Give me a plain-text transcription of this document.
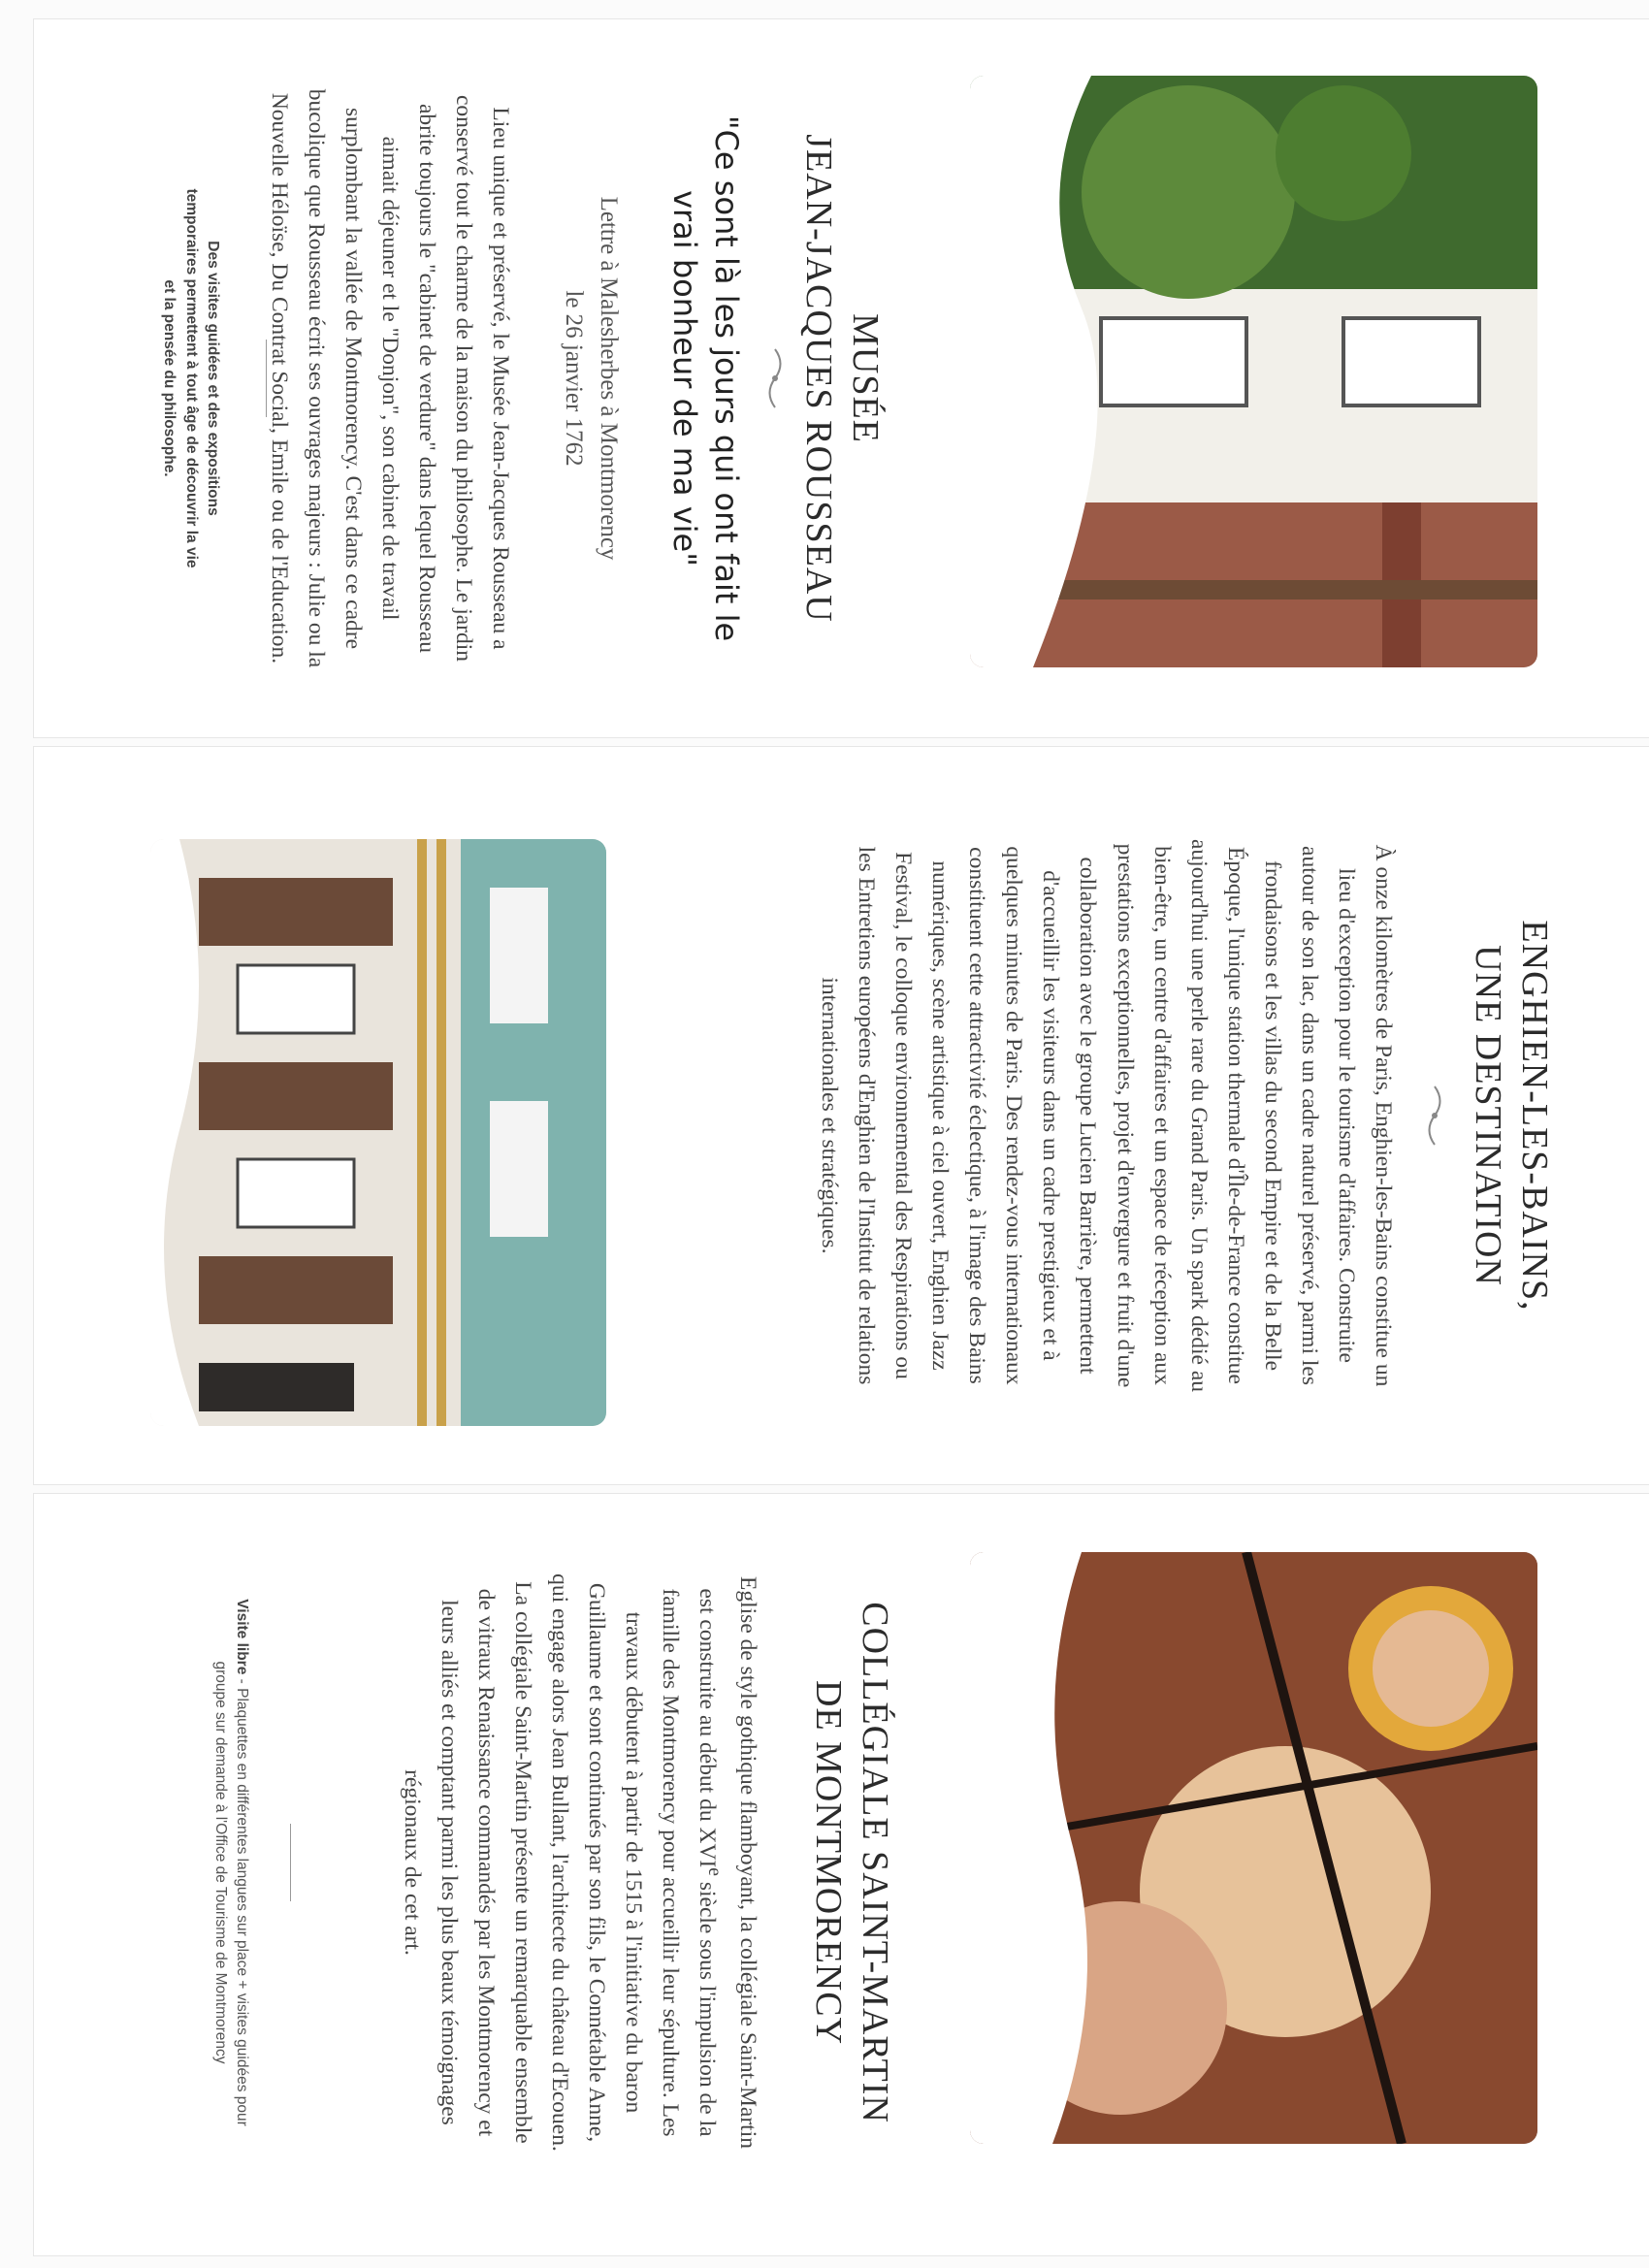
MUSÉE
JEAN-JACQUES ROUSSEAU
"Ce sont là les jours qui ont fait le vrai bonheur de ma vie"
Lettre à Malesherbes à Montmorency
le 26 janvier 1762
Lieu unique et préservé, le Musée Jean-Jacques Rousseau a conservé tout le charme de la maison du philosophe. Le jardin abrite toujours le "cabinet de verdure" dans lequel Rousseau aimait déjeuner et le "Donjon", son cabinet de travail surplombant la vallée de Montmorency. C'est dans ce cadre bucolique que Rousseau écrit ses ouvrages majeurs : Julie ou la Nouvelle Héloïse, Du Contrat Social, Emile ou de l'Education.
Des visites guidées et des expositions
temporaires permettent à tout âge de découvrir la vie
et la pensée du philosophe.
ENGHIEN-LES-BAINS,
UNE DESTINATION
À onze kilomètres de Paris, Enghien-les-Bains constitue un lieu d'exception pour le tourisme d'affaires. Construite autour de son lac, dans un cadre naturel préservé, parmi les frondaisons et les villas du second Empire et de la Belle Époque, l'unique station thermale d'Île-de-France constitue aujourd'hui une perle rare du Grand Paris. Un spark dédié au bien-être, un centre d'affaires et un espace de réception aux prestations exceptionnelles, projet d'envergure et fruit d'une collaboration avec le groupe Lucien Barrière, permettent d'accueillir les visiteurs dans un cadre prestigieux et à quelques minutes de Paris. Des rendez-vous internationaux constituent cette attractivité éclectique, à l'image des Bains numériques, scène artistique à ciel ouvert, Enghien Jazz Festival, le colloque environnemental des Respirations ou les Entretiens européens d'Enghien de l'Institut de relations internationales et stratégiques.
COLLÉGIALE SAINT-MARTIN
DE MONTMORENCY
Eglise de style gothique flamboyant, la collégiale Saint-Martin est construite au début du XVIe siècle sous l'impulsion de la famille des Montmorency pour accueillir leur sépulture. Les travaux débutent à partir de 1515 à l'initiative du baron Guillaume et sont continués par son fils, le Connétable Anne, qui engage alors Jean Bullant, l'architecte du château d'Ecouen. La collégiale Saint-Martin présente un remarquable ensemble de vitraux Renaissance commandés par les Montmorency et leurs alliés et comptant parmi les plus beaux témoignages régionaux de cet art.
Visite libre - Plaquettes en différentes langues sur place + visites guidées pour groupe sur demande à l'Office de Tourisme de Montmorency
